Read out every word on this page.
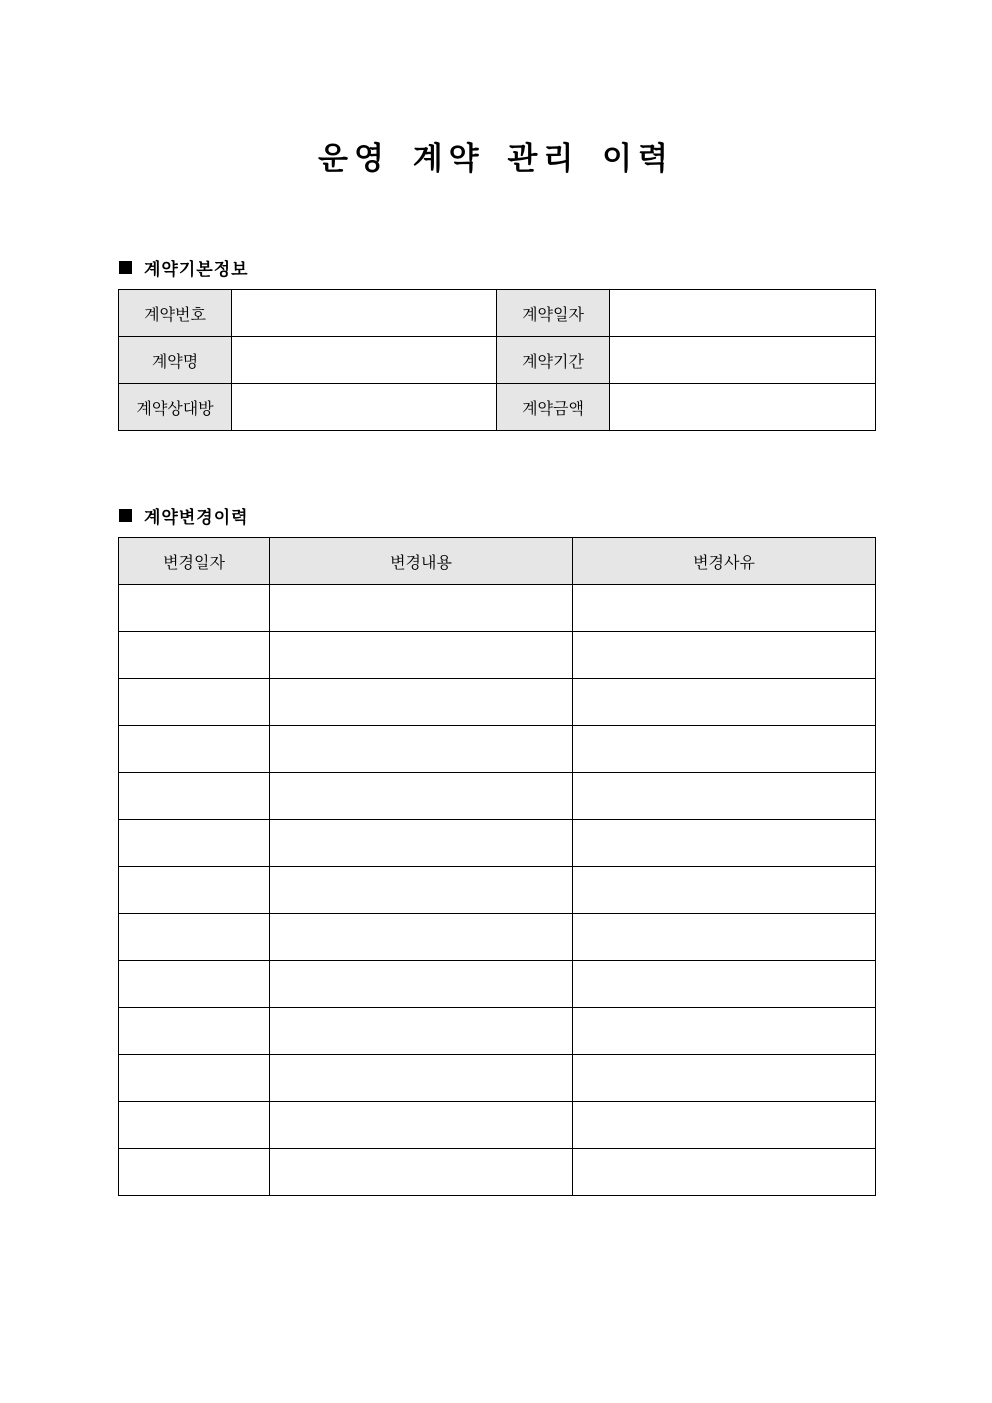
운영 계약 관리 이력
계약기본정보
계약번호		계약일자	
계약명		계약기간	
계약상대방		계약금액	
계약변경이력
변경일자	변경내용	변경사유
